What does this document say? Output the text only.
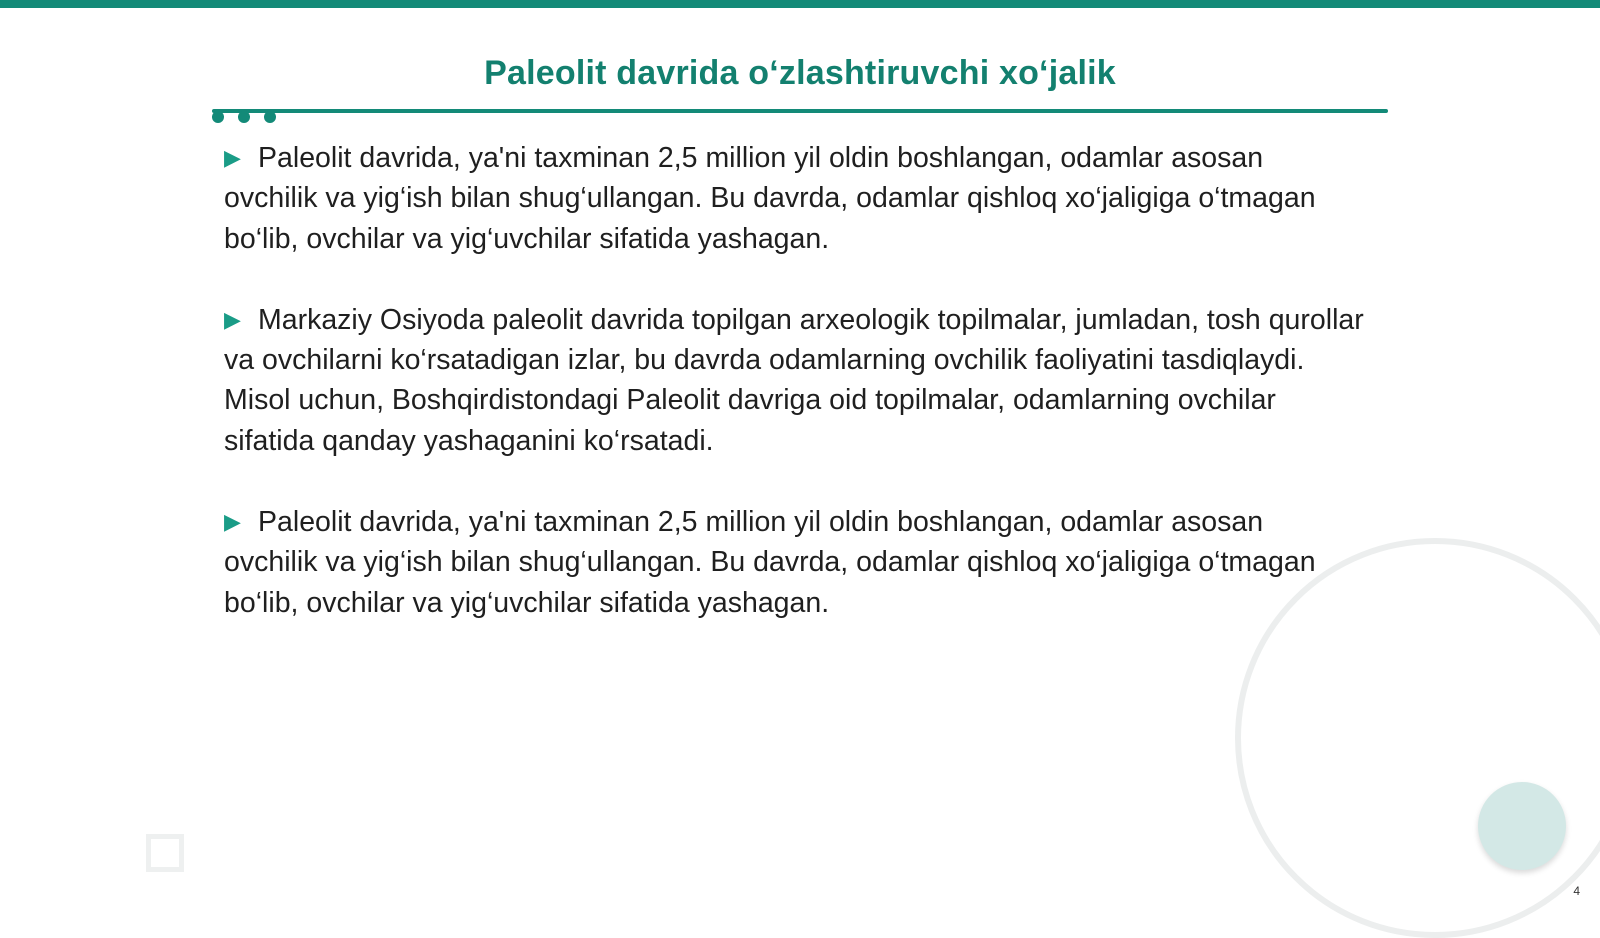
Paleolit davrida o‘zlashtiruvchi xo‘jalik
▶ Paleolit davrida, ya'ni taxminan 2,5 million yil oldin boshlangan, odamlar asosan ovchilik va yig‘ish bilan shug‘ullangan. Bu davrda, odamlar qishloq xo‘jaligiga o‘tmagan bo‘lib, ovchilar va yig‘uvchilar sifatida yashagan.
▶ Markaziy Osiyoda paleolit davrida topilgan arxeologik topilmalar, jumladan, tosh qurollar va ovchilarni ko‘rsatadigan izlar, bu davrda odamlarning ovchilik faoliyatini tasdiqlaydi. Misol uchun, Boshqirdistondagi Paleolit davriga oid topilmalar, odamlarning ovchilar sifatida qanday yashaganini ko‘rsatadi.
▶ Paleolit davrida, ya'ni taxminan 2,5 million yil oldin boshlangan, odamlar asosan ovchilik va yig‘ish bilan shug‘ullangan. Bu davrda, odamlar qishloq xo‘jaligiga o‘tmagan bo‘lib, ovchilar va yig‘uvchilar sifatida yashagan.
4
